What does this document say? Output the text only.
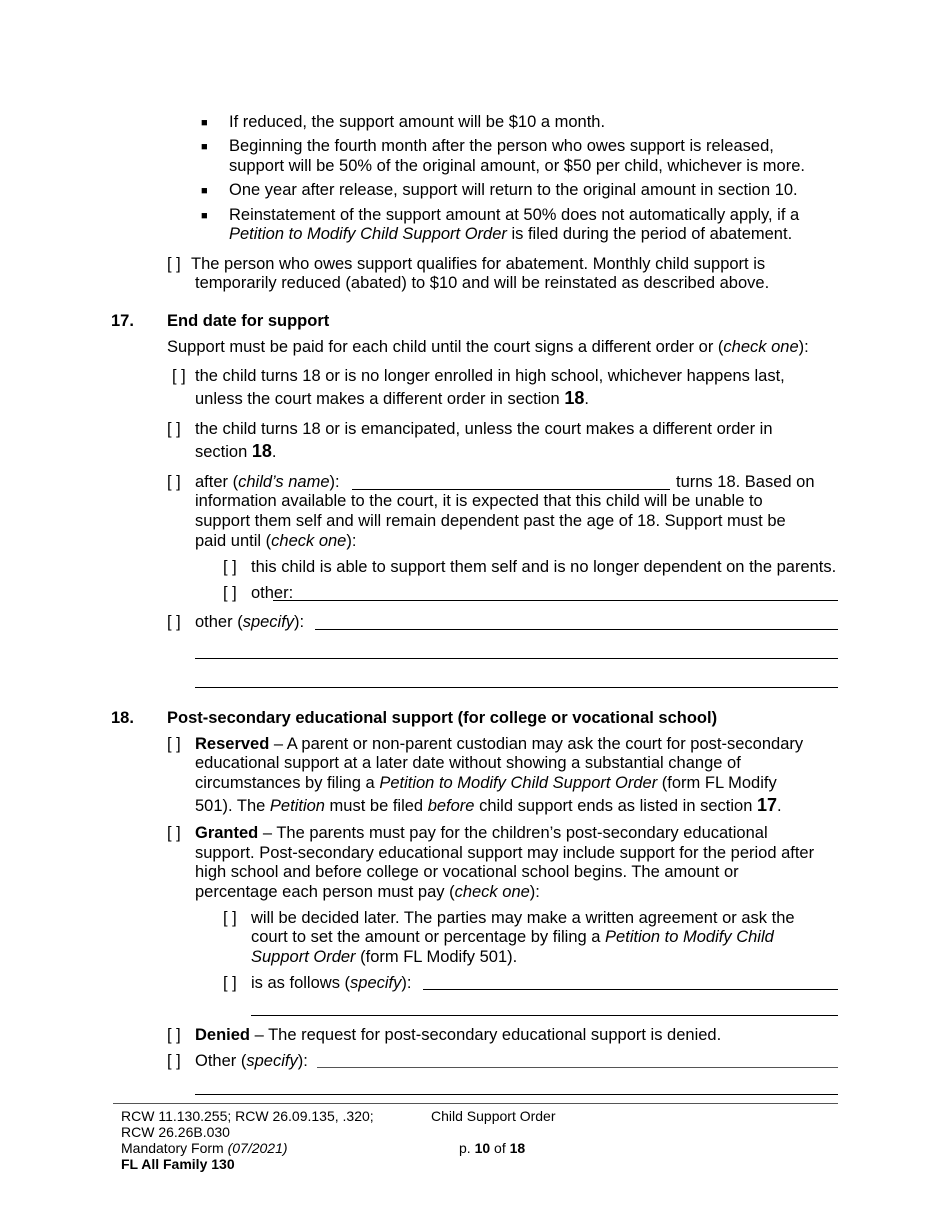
■ If reduced, the support amount will be $10 a month.
■ Beginning the fourth month after the person who owes support is released,
support will be 50% of the original amount, or $50 per child, whichever is more.
■ One year after release, support will return to the original amount in section 10.
■ Reinstatement of the support amount at 50% does not automatically apply, if a
Petition to Modify Child Support Order is filed during the period of abatement.
[ ] The person who owes support qualifies for abatement. Monthly child support is
temporarily reduced (abated) to $10 and will be reinstated as described above.
17. End date for support
Support must be paid for each child until the court signs a different order or (check one):
[ ] the child turns 18 or is no longer enrolled in high school, whichever happens last,
unless the court makes a different order in section 18.
[ ] the child turns 18 or is emancipated, unless the court makes a different order in
section 18.
[ ] after (child’s name):	turns 18. Based on
information available to the court, it is expected that this child will be unable to
support them self and will remain dependent past the age of 18. Support must be
paid until (check one):
[ ] this child is able to support them self and is no longer dependent on the parents.
[ ] other:
[ ] other (specify):
18. Post-secondary educational support (for college or vocational school)
[ ] Reserved – A parent or non-parent custodian may ask the court for post-secondary
educational support at a later date without showing a substantial change of
circumstances by filing a Petition to Modify Child Support Order (form FL Modify
501). The Petition must be filed before child support ends as listed in section 17.
[ ] Granted – The parents must pay for the children’s post-secondary educational
support. Post-secondary educational support may include support for the period after
high school and before college or vocational school begins. The amount or
percentage each person must pay (check one):
[ ] will be decided later. The parties may make a written agreement or ask the
court to set the amount or percentage by filing a Petition to Modify Child
Support Order (form FL Modify 501).
[ ] is as follows (specify):
[ ] Denied – The request for post-secondary educational support is denied.
[ ] Other (specify):
RCW 11.130.255; RCW 26.09.135, .320;
RCW 26.26B.030
Mandatory Form (07/2021)
FL All Family 130
Child Support Order
p. 10 of 18
